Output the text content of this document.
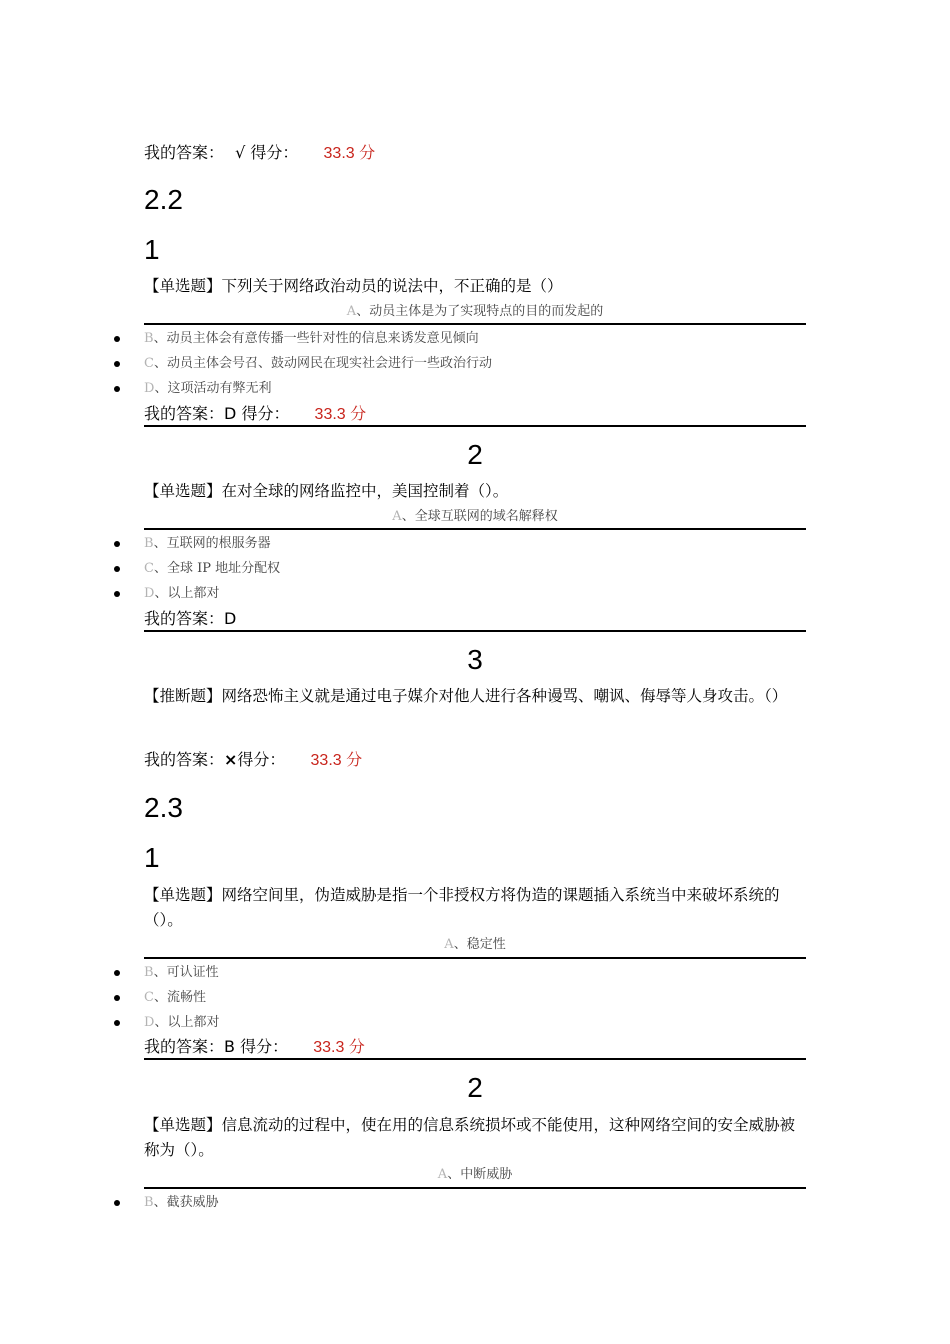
我的答案： √ 得分： 33.3 分
2.2
1
【单选题】下列关于网络政治动员的说法中，不正确的是（）
A、动员主体是为了实现特点的目的而发起的
B、动员主体会有意传播一些针对性的信息来诱发意见倾向
C、动员主体会号召、鼓动网民在现实社会进行一些政治行动
D、这项活动有弊无利
我的答案：D 得分： 33.3 分
2
【单选题】在对全球的网络监控中，美国控制着（）。
A、全球互联网的域名解释权
B、互联网的根服务器
C、全球 IP 地址分配权
D、以上都对
我的答案：D
3
【推断题】网络恐怖主义就是通过电子媒介对他人进行各种谩骂、嘲讽、侮辱等人身攻击。（）
我的答案：×得分： 33.3 分
2.3
1
【单选题】网络空间里，伪造威胁是指一个非授权方将伪造的课题插入系统当中来破坏系统的（）。
A、稳定性
B、可认证性
C、流畅性
D、以上都对
我的答案：B 得分： 33.3 分
2
【单选题】信息流动的过程中，使在用的信息系统损坏或不能使用，这种网络空间的安全威胁被称为（）。
A、中断威胁
B、截获威胁
